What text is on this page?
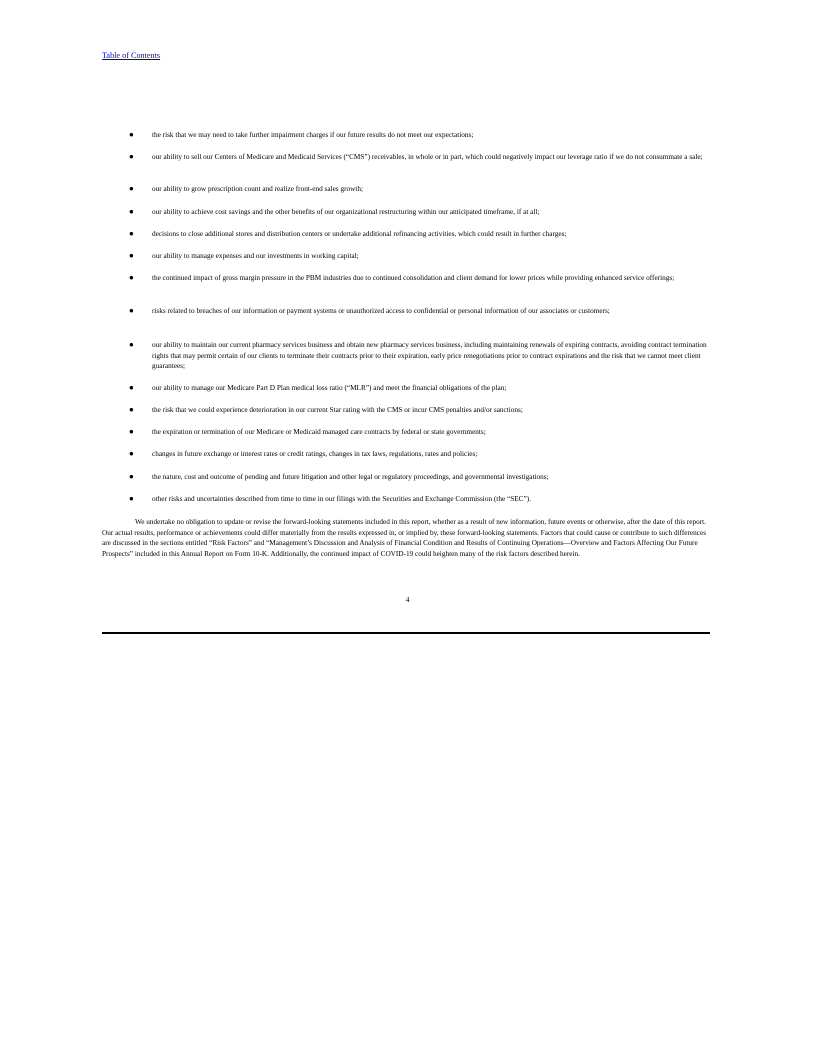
Table of Contents
● the risk that we may need to take further impairment charges if our future results do not meet our expectations;
● our ability to sell our Centers of Medicare and Medicaid Services (“CMS”) receivables, in whole or in part, which could negatively impact our leverage ratio if we do not consummate a sale;
● our ability to grow prescription count and realize front-end sales growth;
● our ability to achieve cost savings and the other benefits of our organizational restructuring within our anticipated timeframe, if at all;
● decisions to close additional stores and distribution centers or undertake additional refinancing activities, which could result in further charges;
● our ability to manage expenses and our investments in working capital;
● the continued impact of gross margin pressure in the PBM industries due to continued consolidation and client demand for lower prices while providing enhanced service offerings;
● risks related to breaches of our information or payment systems or unauthorized access to confidential or personal information of our associates or customers;
● our ability to maintain our current pharmacy services business and obtain new pharmacy services business, including maintaining renewals of expiring contracts, avoiding contract termination rights that may permit certain of our clients to terminate their contracts prior to their expiration, early price renegotiations prior to contract expirations and the risk that we cannot meet client guarantees;
● our ability to manage our Medicare Part D Plan medical loss ratio (“MLR”) and meet the financial obligations of the plan;
● the risk that we could experience deterioration in our current Star rating with the CMS or incur CMS penalties and/or sanctions;
● the expiration or termination of our Medicare or Medicaid managed care contracts by federal or state governments;
● changes in future exchange or interest rates or credit ratings, changes in tax laws, regulations, rates and policies;
● the nature, cost and outcome of pending and future litigation and other legal or regulatory proceedings, and governmental investigations;
● other risks and uncertainties described from time to time in our filings with the Securities and Exchange Commission (the “SEC”).

We undertake no obligation to update or revise the forward-looking statements included in this report, whether as a result of new information, future events or otherwise, after the date of this report. Our actual results, performance or achievements could differ materially from the results expressed in, or implied by, these forward-looking statements. Factors that could cause or contribute to such differences are discussed in the sections entitled “Risk Factors” and “Management’s Discussion and Analysis of Financial Condition and Results of Continuing Operations—Overview and Factors Affecting Our Future Prospects” included in this Annual Report on Form 10-K. Additionally, the continued impact of COVID-19 could heighten many of the risk factors described herein.

4
